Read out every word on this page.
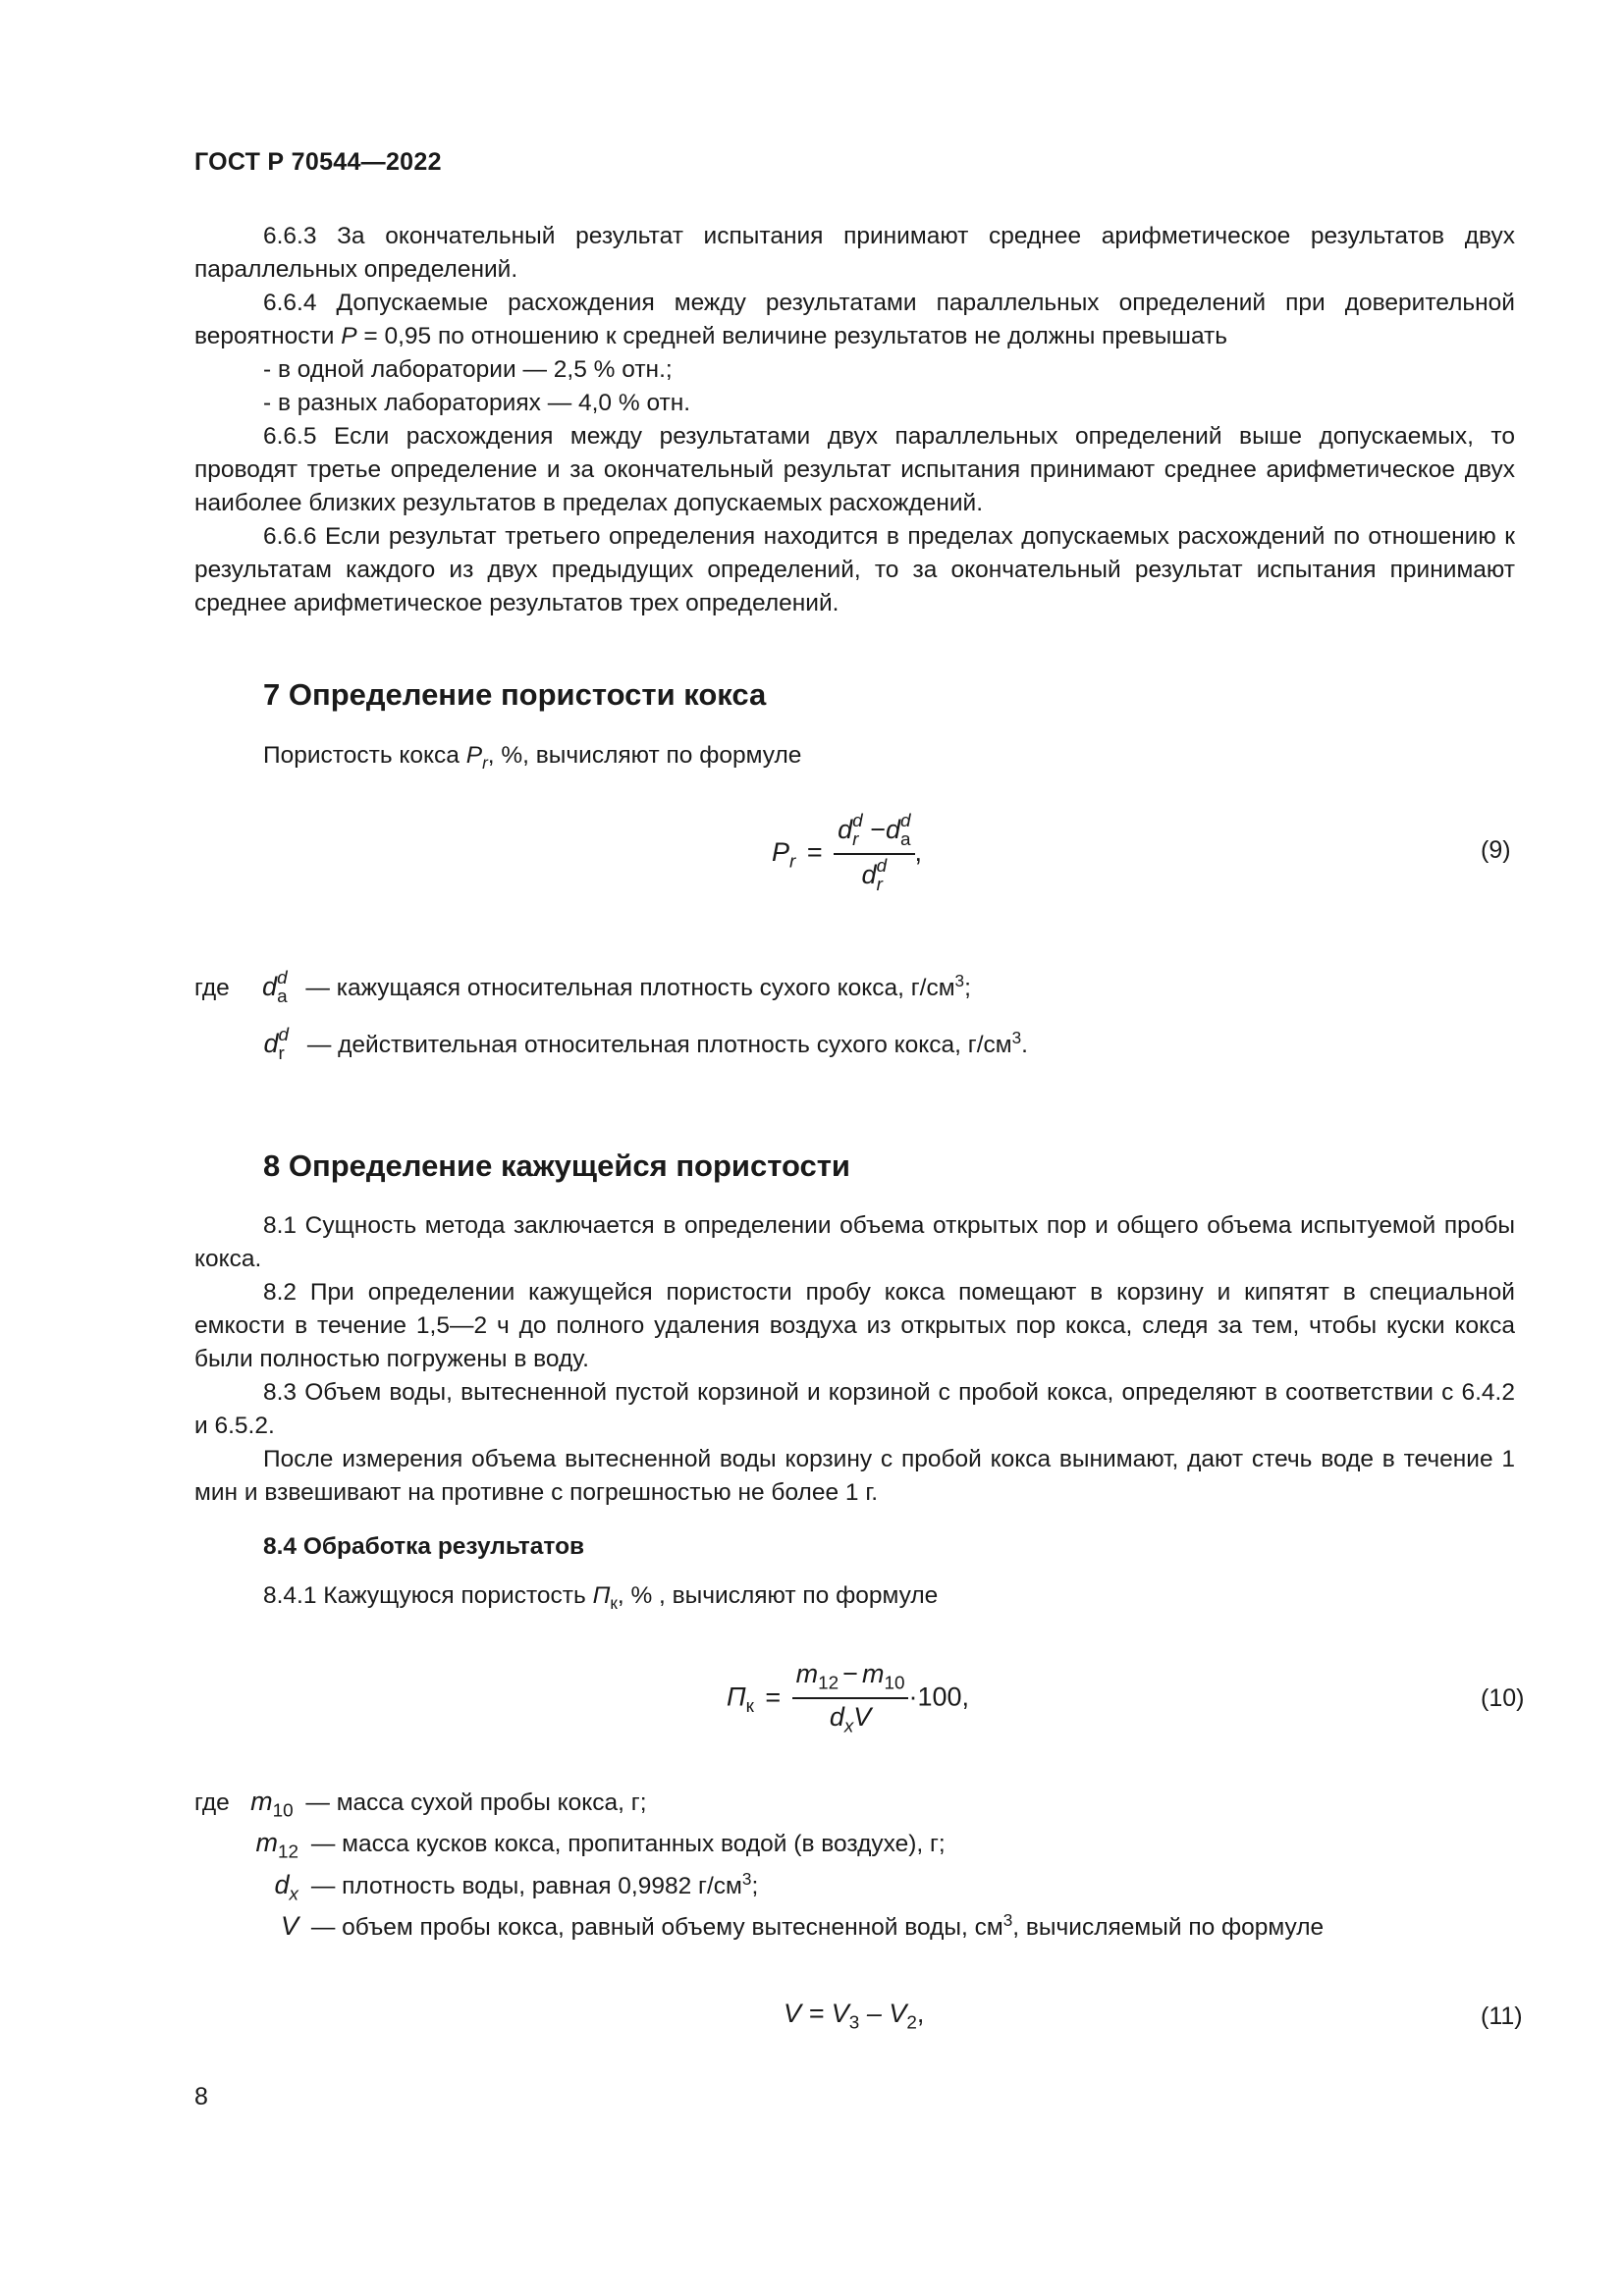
ГОСТ Р 70544—2022

6.6.3 За окончательный результат испытания принимают среднее арифметическое результатов двух параллельных определений.

6.6.4 Допускаемые расхождения между результатами параллельных определений при доверительной вероятности P = 0,95 по отношению к средней величине результатов не должны превышать

- в одной лаборатории — 2,5 % отн.;

- в разных лабораториях — 4,0 % отн.

6.6.5 Если расхождения между результатами двух параллельных определений выше допускаемых, то проводят третье определение и за окончательный результат испытания принимают среднее арифметическое двух наиболее близких результатов в пределах допускаемых расхождений.

6.6.6 Если результат третьего определения находится в пределах допускаемых расхождений по отношению к результатам каждого из двух предыдущих определений, то за окончательный результат испытания принимают среднее арифметическое результатов трех определений.

7 Определение пористости кокса
Пористость кокса $P_r$, %, вычисляют по формуле
$P_r = d$ d
r −d d
a
d d
r ,	(9)
где d d
a — кажущаяся относительная плотность сухого кокса, $г/см^3$;
d d
r — действительная относительная плотность сухого кокса, $г/см^3$.
8 Определение кажущейся пористости

8.1 Сущность метода заключается в определении объема открытых пор и общего объема испытуемой пробы кокса.

8.2 При определении кажущейся пористости пробу кокса помещают в корзину и кипятят в специальной емкости в течение 1,5—2 ч до полного удаления воздуха из открытых пор кокса, следя за тем, чтобы куски кокса были полностью погружены в воду.

8.3 Объем воды, вытесненной пустой корзиной и корзиной с пробой кокса, определяют в соответствии с 6.4.2 и 6.5.2.

После измерения объема вытесненной воды корзину с пробой кокса вынимают, дают стечь воде в течение 1 мин и взвешивают на противне с погрешностью не более 1 г.

8.4 Обработка результатов
8.4.1 Кажущуюся пористость $П_к$, % , вычисляют по формуле
$П_к = \frac{m_{12} - m_{10}}{d_xV} \cdot 100$,	(10)
где $m_{10}$ — масса сухой пробы кокса, г;
$m_{12}$ — масса кусков кокса, пропитанных водой (в воздухе), г;
$d_x$ — плотность воды, равная 0,9982 $г/см^3$;
V — объем пробы кокса, равный объему вытесненной воды, $см^3$, вычисляемый по формуле
$V = V_3 - V_2$,	(11)
8
